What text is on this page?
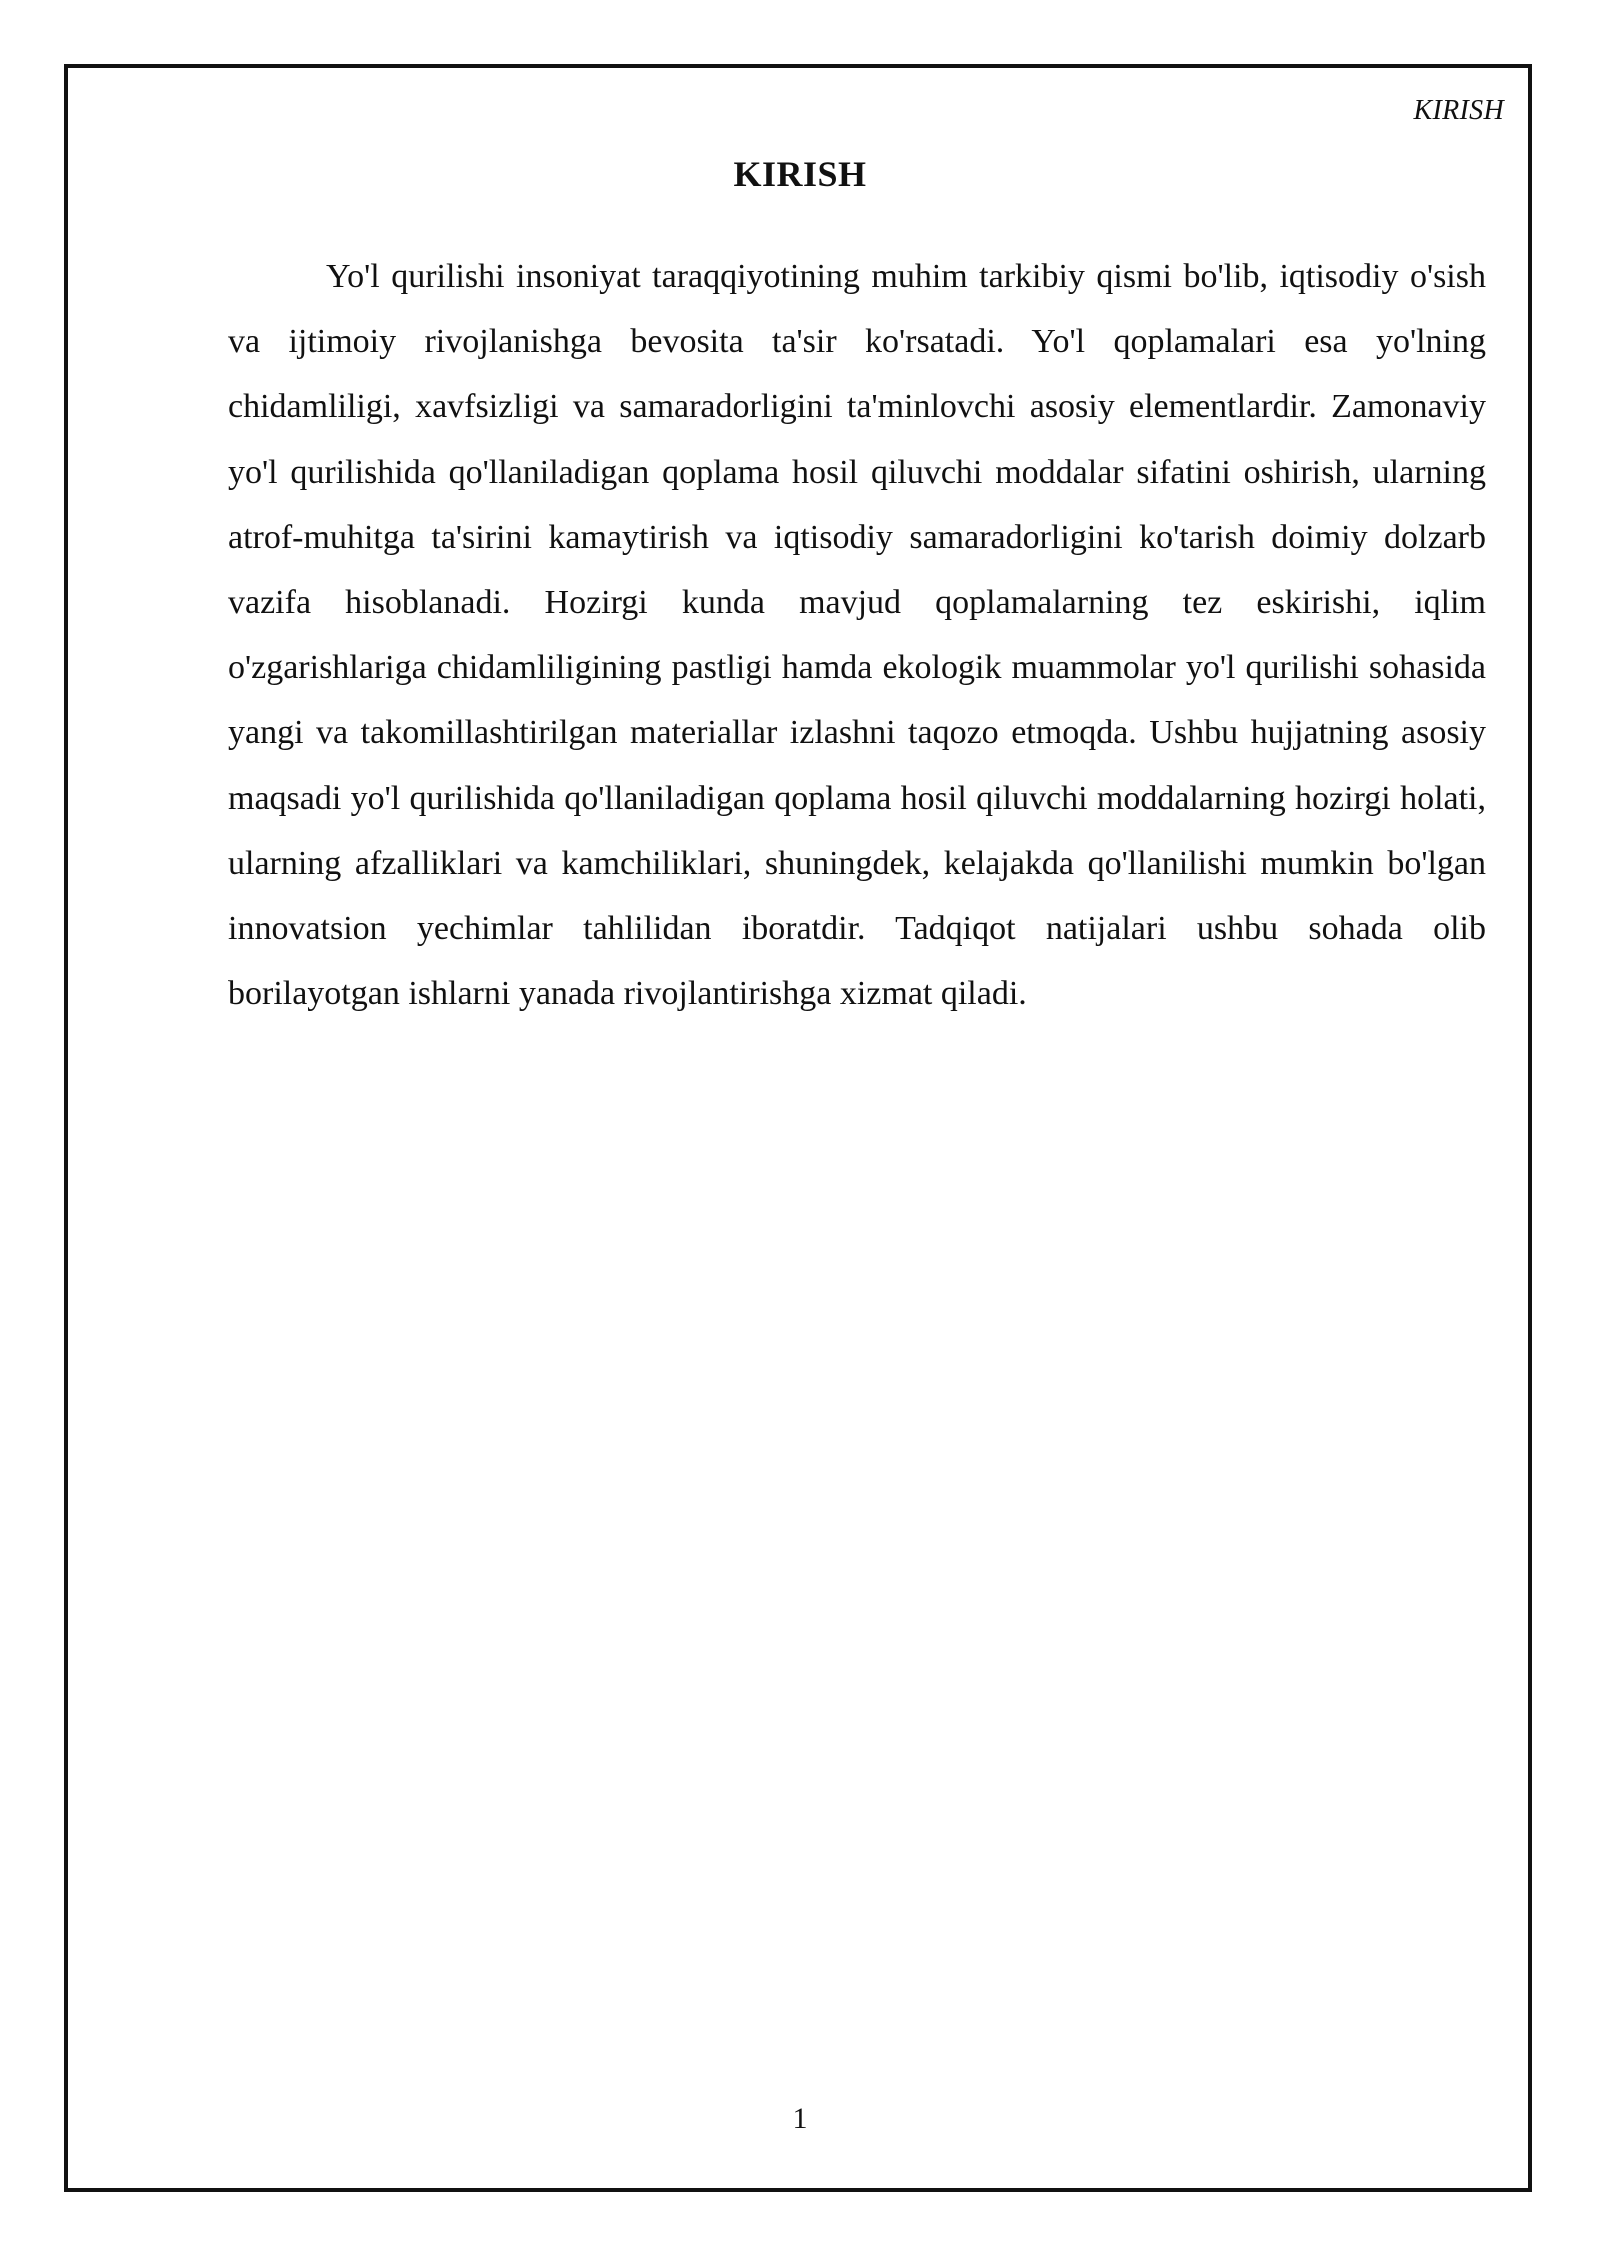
KIRISH
KIRISH

Yo'l qurilishi insoniyat taraqqiyotining muhim tarkibiy qismi bo'lib, iqtisodiy o'sish va ijtimoiy rivojlanishga bevosita ta'sir ko'rsatadi. Yo'l qoplamalari esa yo'lning chidamliligi, xavfsizligi va samaradorligini ta'minlovchi asosiy elementlardir. Zamonaviy yo'l qurilishida qo'llaniladigan qoplama hosil qiluvchi moddalar sifatini oshirish, ularning atrof-muhitga ta'sirini kamaytirish va iqtisodiy samaradorligini ko'tarish doimiy dolzarb vazifa hisoblanadi. Hozirgi kunda mavjud qoplamalarning tez eskirishi, iqlim o'zgarishlariga chidamliligining pastligi hamda ekologik muammolar yo'l qurilishi sohasida yangi va takomillashtirilgan materiallar izlashni taqozo etmoqda. Ushbu hujjatning asosiy maqsadi yo'l qurilishida qo'llaniladigan qoplama hosil qiluvchi moddalarning hozirgi holati, ularning afzalliklari va kamchiliklari, shuningdek, kelajakda qo'llanilishi mumkin bo'lgan innovatsion yechimlar tahlilidan iboratdir. Tadqiqot natijalari ushbu sohada olib borilayotgan ishlarni yanada rivojlantirishga xizmat qiladi.

1
